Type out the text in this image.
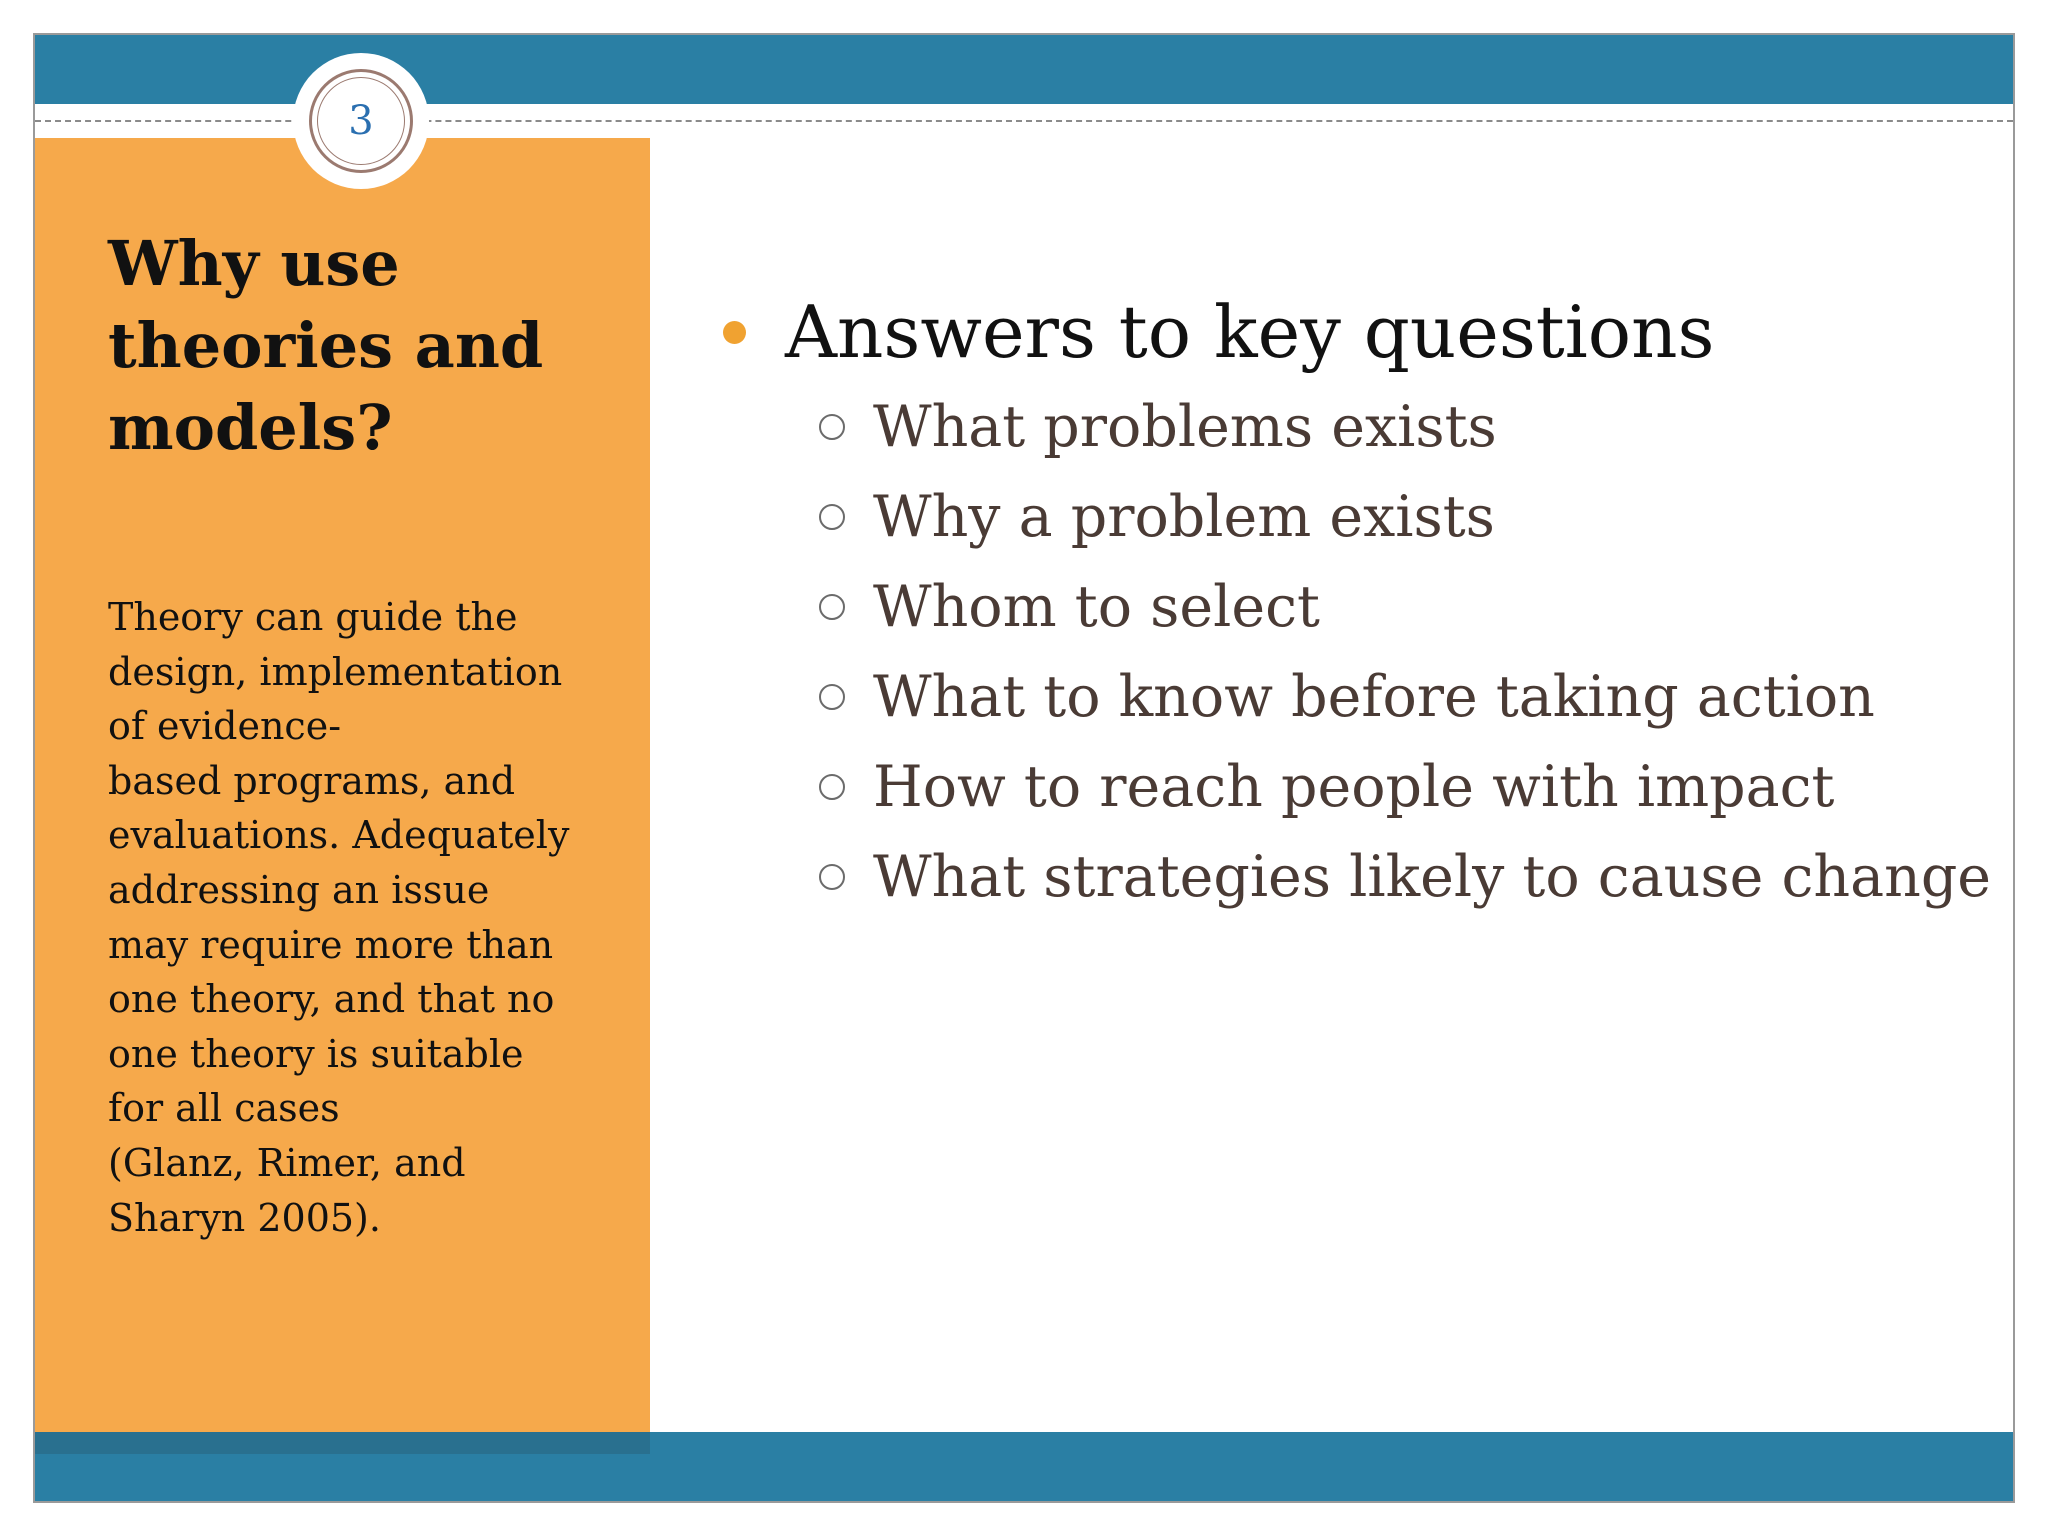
3
Why use
theories and
models?

Theory can guide the
design, implementation
of evidence-
based programs, and
evaluations. Adequately
addressing an issue
may require more than
one theory, and that no
one theory is suitable
for all cases
(Glanz, Rimer, and
Sharyn 2005).

Answers to key questions
What problems exists
Why a problem exists
Whom to select
What to know before taking action
How to reach people with impact
What strategies likely to cause change
